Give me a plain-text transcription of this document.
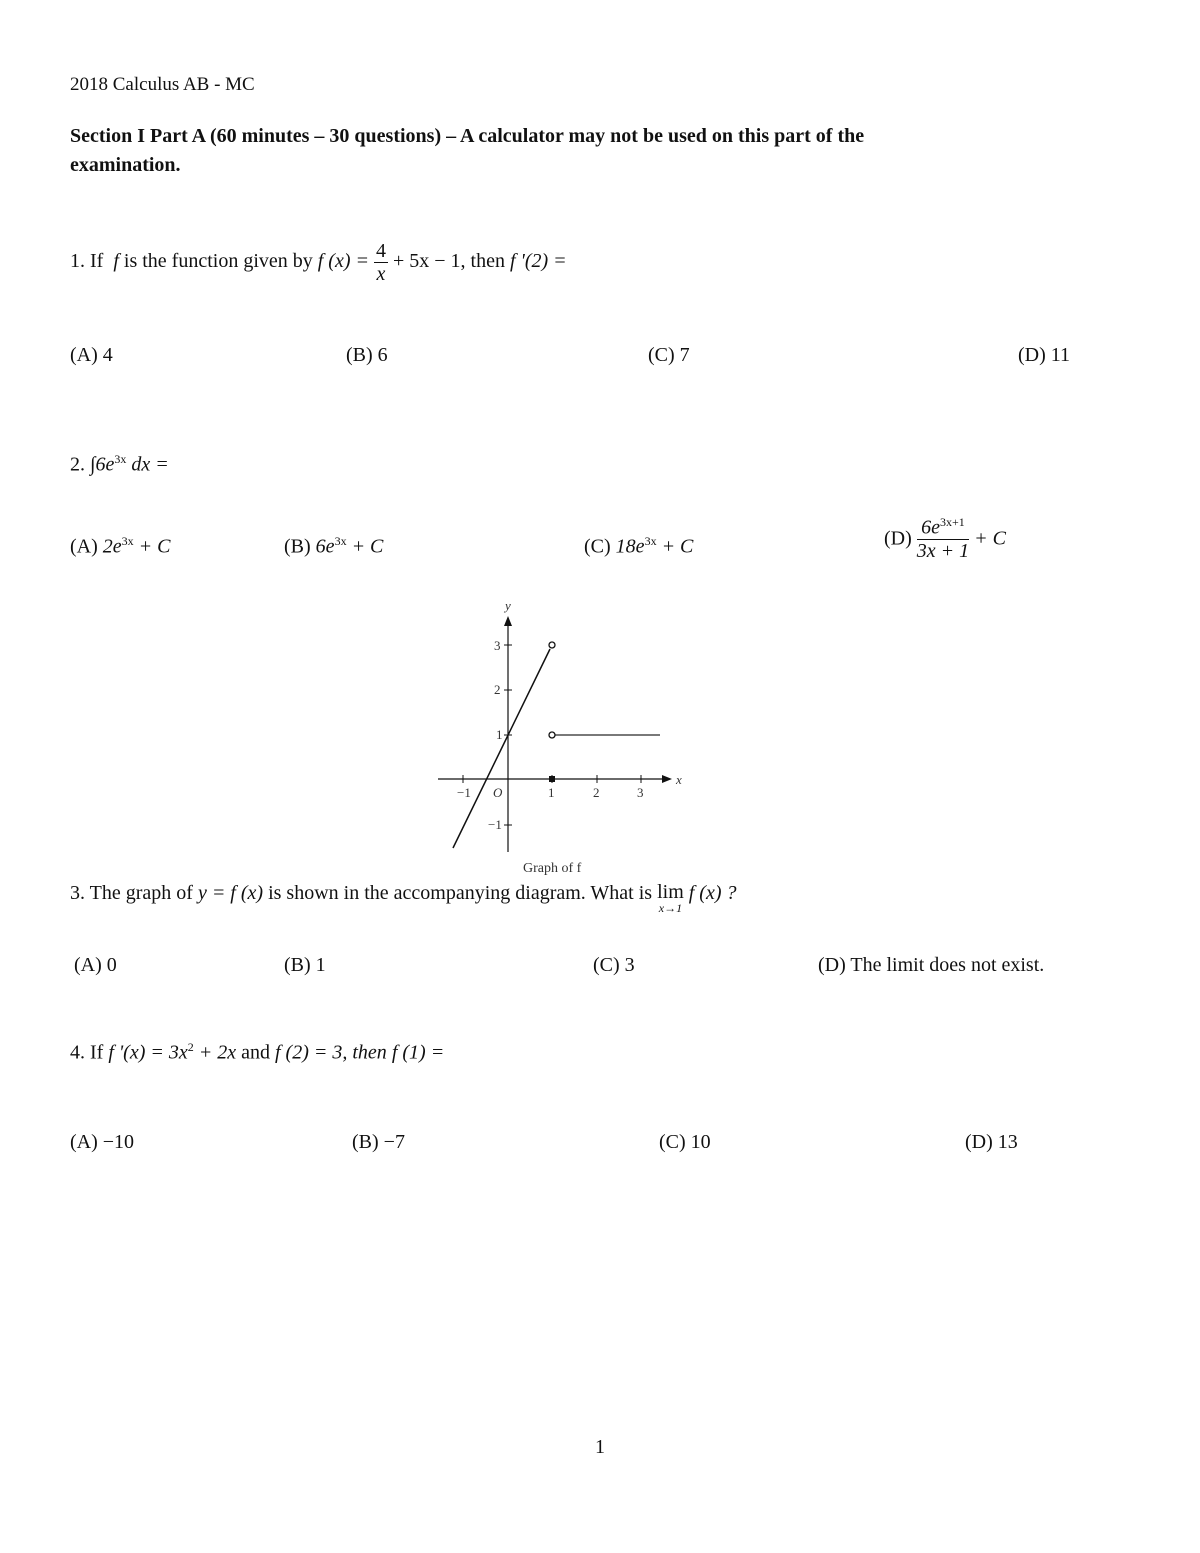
2018 Calculus AB - MC
Section I Part A (60 minutes – 30 questions) – A calculator may not be used on this part of the
examination.
1. If f is the function given by f $(x) = \frac{4}{x} + 5x - 1$, then f '(2) =
(A) 4	(B) 6	(C) 7	(D) 11
2. $\int 6e^{3x}$ dx =
(A) $2e^{3x} + C$	(B) $6e^{3x} + C$	(C) $18e^{3x} + C$	$(D) \frac{6e^{3x+1}}{3x + 1} + C$
−1	1	2	3
−1
1
2
3
O
x
y
Graph of f
3. The graph of y = f (x) is shown in the accompanying diagram. What is lim
x→1
f (x) ?
(A) 0	(B) 1	(C) 3	(D) The limit does not exist.
4. If f '$(x) = 3x^2 + 2x$ and f (2) = 3, then f (1) =
(A) −10	(B) −7	(C) 10	(D) 13
1
